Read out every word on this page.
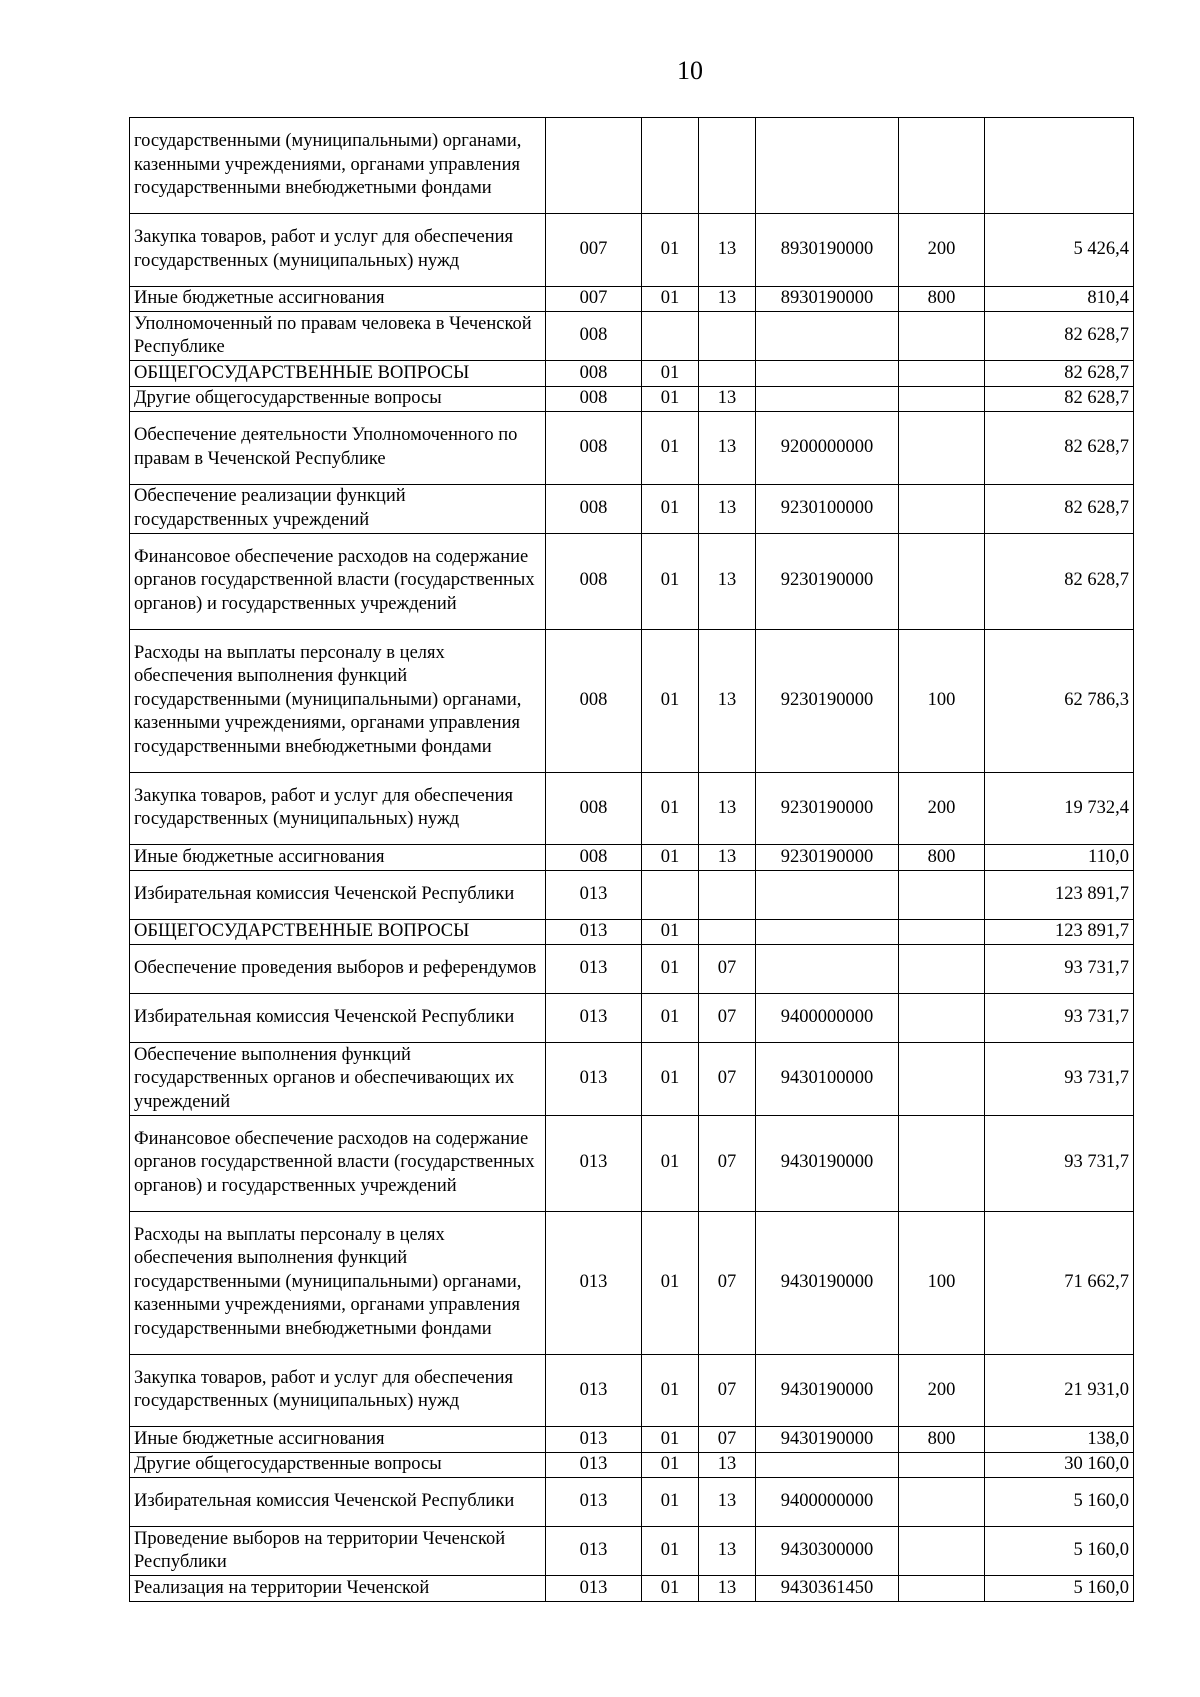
10
государственными (муниципальными) органами, казенными учреждениями, органами управления государственными внебюджетными фондами						
Закупка товаров, работ и услуг для обеспечения государственных (муниципальных) нужд	007	01	13	8930190000	200	5 426,4
Иные бюджетные ассигнования	007	01	13	8930190000	800	810,4
Уполномоченный по правам человека в Чеченской Республике	008					82 628,7
ОБЩЕГОСУДАРСТВЕННЫЕ ВОПРОСЫ	008	01				82 628,7
Другие общегосударственные вопросы	008	01	13			82 628,7
Обеспечение деятельности Уполномоченного по правам в Чеченской Республике	008	01	13	9200000000		82 628,7
Обеспечение реализации функций государственных учреждений	008	01	13	9230100000		82 628,7
Финансовое обеспечение расходов на содержание органов государственной власти (государственных органов) и государственных учреждений	008	01	13	9230190000		82 628,7
Расходы на выплаты персоналу в целях обеспечения выполнения функций государственными (муниципальными) органами, казенными учреждениями, органами управления государственными внебюджетными фондами	008	01	13	9230190000	100	62 786,3
Закупка товаров, работ и услуг для обеспечения государственных (муниципальных) нужд	008	01	13	9230190000	200	19 732,4
Иные бюджетные ассигнования	008	01	13	9230190000	800	110,0
Избирательная комиссия Чеченской Республики	013					123 891,7
ОБЩЕГОСУДАРСТВЕННЫЕ ВОПРОСЫ	013	01				123 891,7
Обеспечение проведения выборов и референдумов	013	01	07			93 731,7
Избирательная комиссия Чеченской Республики	013	01	07	9400000000		93 731,7
Обеспечение выполнения функций государственных органов и обеспечивающих их учреждений	013	01	07	9430100000		93 731,7
Финансовое обеспечение расходов на содержание органов государственной власти (государственных органов) и государственных учреждений	013	01	07	9430190000		93 731,7
Расходы на выплаты персоналу в целях обеспечения выполнения функций государственными (муниципальными) органами, казенными учреждениями, органами управления государственными внебюджетными фондами	013	01	07	9430190000	100	71 662,7
Закупка товаров, работ и услуг для обеспечения государственных (муниципальных) нужд	013	01	07	9430190000	200	21 931,0
Иные бюджетные ассигнования	013	01	07	9430190000	800	138,0
Другие общегосударственные вопросы	013	01	13			30 160,0
Избирательная комиссия Чеченской Республики	013	01	13	9400000000		5 160,0
Проведение выборов на территории Чеченской Республики	013	01	13	9430300000		5 160,0
Реализация на территории Чеченской	013	01	13	9430361450		5 160,0
